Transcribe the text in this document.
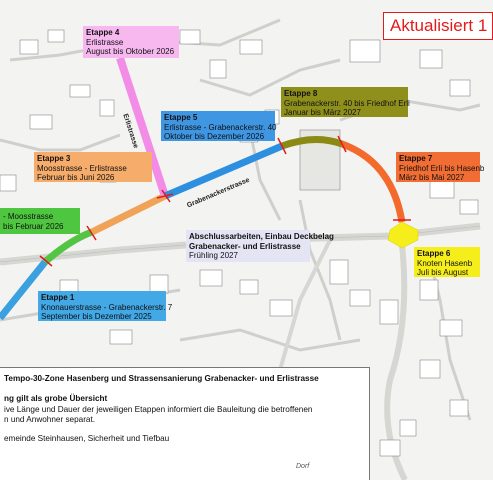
Erlistrasse
Grabenackerstrasse
Etappe 4
Erlistrasse
August bis Oktober 2026
Etappe 5
Erlistrasse - Grabenackerstr. 40
Oktober bis Dezember 2026
Etappe 8
Grabenackerstr. 40 bis Friedhof Erli
Januar bis März 2027
Etappe 3
Moosstrasse - Erlistrasse
Februar bis Juni 2026
Etappe 7
Friedhof Erli bis Hasenb
März bis Mai 2027
- Moosstrasse
bis Februar 2026
Etappe 6
Knoten Hasenb
Juli bis August
Abschlussarbeiten, Einbau Deckbelag
Grabenacker- und Erlistrasse
Frühling 2027
Etappe 1
Knonauerstrasse - Grabenackerstr. 7
September bis Dezember 2025
Aktualisiert 1
Tempo-30-Zone Hasenberg und Strassensanierung Grabenacker- und Erlistrasse
ng gilt als grobe Übersicht
ive Länge und Dauer der jeweiligen Etappen informiert die Bauleitung die betroffenen
n und Anwohner separat.
emeinde Steinhausen, Sicherheit und Tiefbau
Dorf
